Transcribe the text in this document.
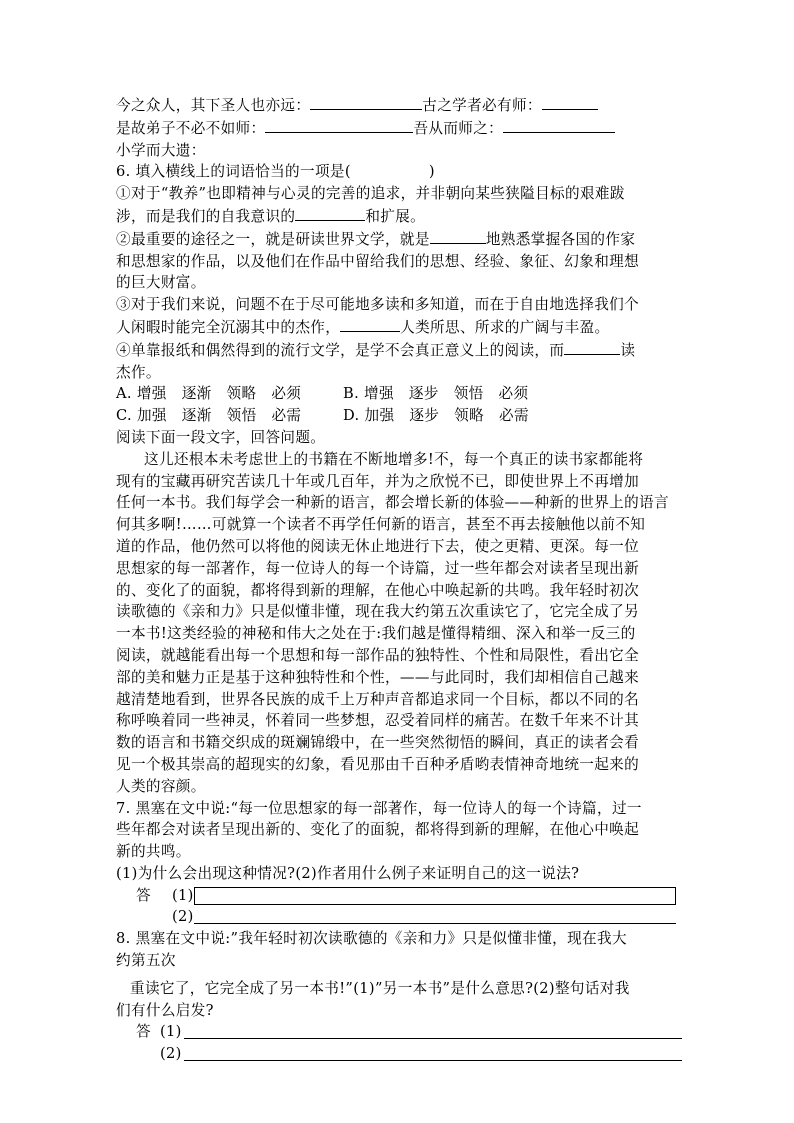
今之众人，其下圣人也亦远：	古之学者必有师：
是故弟子不必不如师：	吾从而师之：
小学而大遗：
6. 填入横线上的词语恰当的一项是(	)
①对于“教养”也即精神与心灵的完善的追求，并非朝向某些狭隘目标的艰难跋
涉，而是我们的自我意识的	和扩展。
②最重要的途径之一，就是研读世界文学，就是	地熟悉掌握各国的作家
和思想家的作品，以及他们在作品中留给我们的思想、经验、象征、幻象和理想
的巨大财富。
③对于我们来说，问题不在于尽可能地多读和多知道，而在于自由地选择我们个
人闲暇时能完全沉溺其中的杰作，	人类所思、所求的广阔与丰盈。
④单靠报纸和偶然得到的流行文学，是学不会真正意义上的阅读，而	读
杰作。
A. 增强　逐渐　领略　必须	B. 增强　逐步　领悟　必须
C. 加强　逐渐　领悟　必需	D. 加强　逐步　领略　必需
阅读下面一段文字，回答问题。
这儿还根本未考虑世上的书籍在不断地增多!不，每一个真正的读书家都能将
现有的宝藏再研究苦读几十年或几百年，并为之欣悦不已，即使世界上不再增加
任何一本书。我们每学会一种新的语言，都会增长新的体验——种新的世界上的语言
何其多啊!……可就算一个读者不再学任何新的语言，甚至不再去接触他以前不知
道的作品，他仍然可以将他的阅读无休止地进行下去，使之更精、更深。每一位
思想家的每一部著作，每一位诗人的每一个诗篇，过一些年都会对读者呈现出新
的、变化了的面貌，都将得到新的理解，在他心中唤起新的共鸣。我年轻时初次
读歌德的《亲和力》只是似懂非懂，现在我大约第五次重读它了，它完全成了另
一本书!这类经验的神秘和伟大之处在于:我们越是懂得精细、深入和举一反三的
阅读，就越能看出每一个思想和每一部作品的独特性、个性和局限性，看出它全
部的美和魅力正是基于这种独特性和个性，——与此同时，我们却相信自己越来
越清楚地看到，世界各民族的成千上万种声音都追求同一个目标，都以不同的名
称呼唤着同一些神灵，怀着同一些梦想，忍受着同样的痛苦。在数千年来不计其
数的语言和书籍交织成的斑斓锦缎中，在一些突然彻悟的瞬间，真正的读者会看
见一个极其崇高的超现实的幻象，看见那由千百种矛盾哟表情神奇地统一起来的
人类的容颜。
7. 黑塞在文中说:“每一位思想家的每一部著作，每一位诗人的每一个诗篇，过一
些年都会对读者呈现出新的、变化了的面貌，都将得到新的理解，在他心中唤起
新的共鸣。
(1)为什么会出现这种情况?(2)作者用什么例子来证明自己的这一说法?
答 (1)
(2)
8. 黑塞在文中说:”我年轻时初次读歌德的《亲和力》只是似懂非懂，现在我大
约第五次
重读它了，它完全成了另一本书!”(1)”另一本书”是什么意思?(2)整句话对我
们有什么启发?
答 (1)
(2)
